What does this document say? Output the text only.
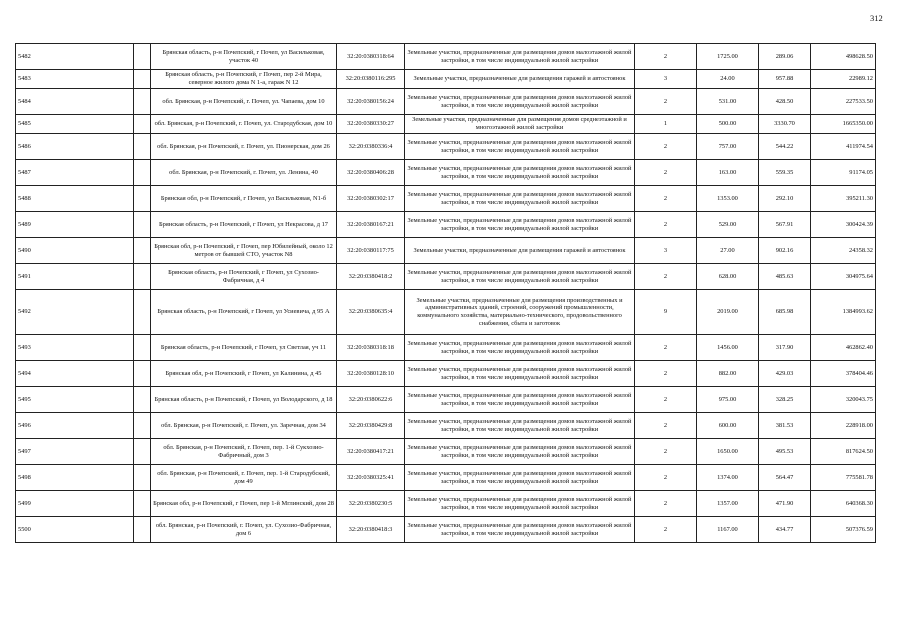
312
5482		Брянская область, р-н Почепский, г Почеп, ул Васильковая, участок 40	32:20:0380318:64	Земельные участки, предназначенные для размещения домов малоэтажной жилой застройки, в том числе индивидуальной жилой застройки	2	1725.00	289.06	498628.50
5483		Брянская область, р-н Почепский, г Почеп, пер 2-й Мира, северное жилого дома N 1-а, гараж N 12	32:20:0380116:295	Земельные участки, предназначенные для размещения гаражей и автостоянок	3	24.00	957.88	22989.12
5484		обл. Брянская, р-н Почепский, г. Почеп, ул. Чапаева, дом 10	32:20:0380156:24	Земельные участки, предназначенные для размещения домов малоэтажной жилой застройки, в том числе индивидуальной жилой застройки	2	531.00	428.50	227533.50
5485		обл. Брянская, р-н Почепский, г. Почеп, ул. Стародубская, дом 10	32:20:0380330:27	Земельные участки, предназначенные для размещения домов среднеэтажной и многоэтажной жилой застройки	1	500.00	3330.70	1665350.00
5486		обл. Брянская, р-н Почепский, г. Почеп, ул. Пионерская, дом 26	32:20:0380336:4	Земельные участки, предназначенные для размещения домов малоэтажной жилой застройки, в том числе индивидуальной жилой застройки	2	757.00	544.22	411974.54
5487		обл. Брянская, р-н Почепский, г. Почеп, ул. Ленина, 40	32:20:0380406:28	Земельные участки, предназначенные для размещения домов малоэтажной жилой застройки, в том числе индивидуальной жилой застройки	2	163.00	559.35	91174.05
5488		Брянская обл, р-н Почепский, г Почеп, ул Васильковая, N1-б	32:20:0380302:17	Земельные участки, предназначенные для размещения домов малоэтажной жилой застройки, в том числе индивидуальной жилой застройки	2	1353.00	292.10	395211.30
5489		Брянская область, р-н Почепский, г Почеп, ул Некрасова, д 17	32:20:0380167:21	Земельные участки, предназначенные для размещения домов малоэтажной жилой застройки, в том числе индивидуальной жилой застройки	2	529.00	567.91	300424.39
5490		Брянская обл, р-н Почепский, г Почеп, пер Юбилейный, около 12 метров от бывшей СТО, участок N8	32:20:0380117:75	Земельные участки, предназначенные для размещения гаражей и автостоянок	3	27.00	902.16	24358.32
5491		Брянская область, р-н Почепский, г Почеп, ул Сухозио-Фабричная, д 4	32:20:0380418:2	Земельные участки, предназначенные для размещения домов малоэтажной жилой застройки, в том числе индивидуальной жилой застройки	2	628.00	485.63	304975.64
5492		Брянская область, р-н Почепский, г Почеп, ул Усиевича, д 95 А	32:20:0380635:4	Земельные участки, предназначенные для размещения производственных и административных зданий, строений, сооружений промышленности, коммунального хозяйства, материально-технического, продовольственного снабжения, сбыта и заготовок	9	2019.00	685.98	1384993.62
5493		Брянская область, р-н Почепский, г Почеп, ул Светлая, уч 11	32:20:0380318:18	Земельные участки, предназначенные для размещения домов малоэтажной жилой застройки, в том числе индивидуальной жилой застройки	2	1456.00	317.90	462862.40
5494		Брянская обл, р-н Почепский, г Почеп, ул Калинина, д 45	32:20:0380128:10	Земельные участки, предназначенные для размещения домов малоэтажной жилой застройки, в том числе индивидуальной жилой застройки	2	882.00	429.03	378404.46
5495		Брянская область, р-н Почепский, г Почеп, ул Володарского, д 18	32:20:0380622:6	Земельные участки, предназначенные для размещения домов малоэтажной жилой застройки, в том числе индивидуальной жилой застройки	2	975.00	328.25	320043.75
5496		обл. Брянская, р-н Почепский, г. Почеп, ул. Заречная, дом 34	32:20:0380429:8	Земельные участки, предназначенные для размещения домов малоэтажной жилой застройки, в том числе индивидуальной жилой застройки	2	600.00	381.53	228918.00
5497		обл. Брянская, р-н Почепский, г. Почеп, пер. 1-й Сукхозио-Фабричный, дом 3	32:20:0380417:21	Земельные участки, предназначенные для размещения домов малоэтажной жилой застройки, в том числе индивидуальной жилой застройки	2	1650.00	495.53	817624.50
5498		обл. Брянская, р-н Почепский, г. Почеп, пер. 1-й Стародубский, дом 49	32:20:0380325:41	Земельные участки, предназначенные для размещения домов малоэтажной жилой застройки, в том числе индивидуальной жилой застройки	2	1374.00	564.47	775581.78
5499		Брянская обл, р-н Почепский, г Почеп, пер 1-й Мглинский, дом 28	32:20:0380230:5	Земельные участки, предназначенные для размещения домов малоэтажной жилой застройки, в том числе индивидуальной жилой застройки	2	1357.00	471.90	640368.30
5500		обл. Брянская, р-н Почепский, г. Почеп, ул. Сухозио-Фабричная, дом 6	32:20:0380418:3	Земельные участки, предназначенные для размещения домов малоэтажной жилой застройки, в том числе индивидуальной жилой застройки	2	1167.00	434.77	507376.59
